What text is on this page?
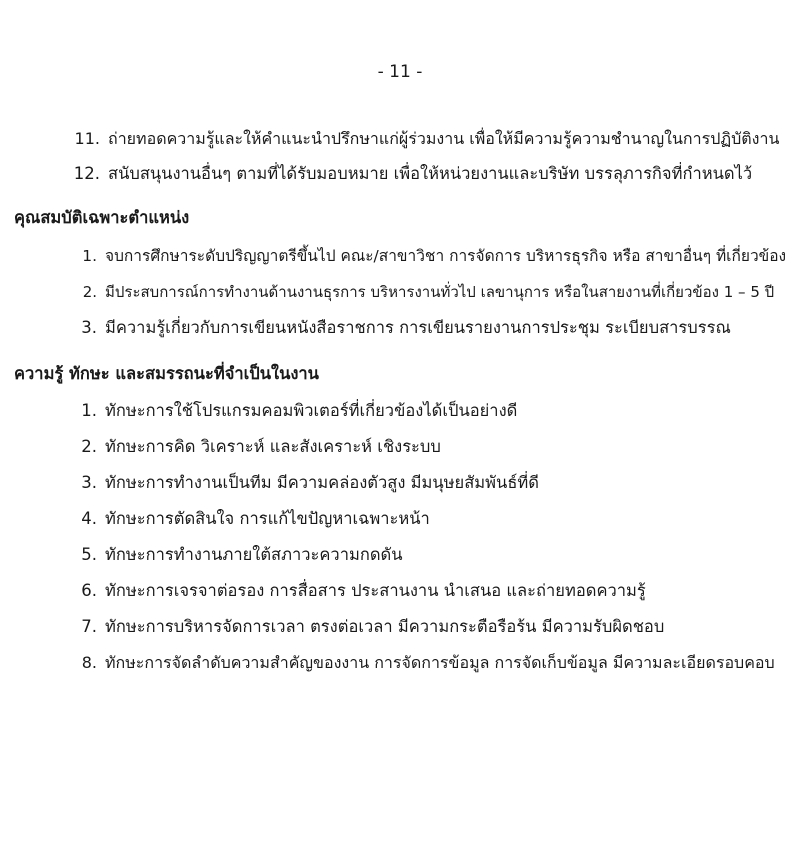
- 11 -
11. ถ่ายทอดความรู้และให้คำแนะนำปรึกษาแก่ผู้ร่วมงาน เพื่อให้มีความรู้ความชำนาญในการปฏิบัติงาน
12. สนับสนุนงานอื่นๆ ตามที่ได้รับมอบหมาย เพื่อให้หน่วยงานและบริษัท บรรลุภารกิจที่กำหนดไว้
คุณสมบัติเฉพาะตำแหน่ง
1. จบการศึกษาระดับปริญญาตรีขึ้นไป คณะ/สาขาวิชา การจัดการ บริหารธุรกิจ หรือ สาขาอื่นๆ ที่เกี่ยวข้อง
2. มีประสบการณ์การทำงานด้านงานธุรการ บริหารงานทั่วไป เลขานุการ หรือในสายงานที่เกี่ยวข้อง 1 – 5 ปี
3. มีความรู้เกี่ยวกับการเขียนหนังสือราชการ การเขียนรายงานการประชุม ระเบียบสารบรรณ
ความรู้ ทักษะ และสมรรถนะที่จำเป็นในงาน
1. ทักษะการใช้โปรแกรมคอมพิวเตอร์ที่เกี่ยวข้องได้เป็นอย่างดี
2. ทักษะการคิด วิเคราะห์ และสังเคราะห์ เชิงระบบ
3. ทักษะการทำงานเป็นทีม มีความคล่องตัวสูง มีมนุษยสัมพันธ์ที่ดี
4. ทักษะการตัดสินใจ การแก้ไขปัญหาเฉพาะหน้า
5. ทักษะการทำงานภายใต้สภาวะความกดดัน
6. ทักษะการเจรจาต่อรอง การสื่อสาร ประสานงาน นำเสนอ และถ่ายทอดความรู้
7. ทักษะการบริหารจัดการเวลา ตรงต่อเวลา มีความกระตือรือร้น มีความรับผิดชอบ
8. ทักษะการจัดลำดับความสำคัญของงาน การจัดการข้อมูล การจัดเก็บข้อมูล มีความละเอียดรอบคอบ
